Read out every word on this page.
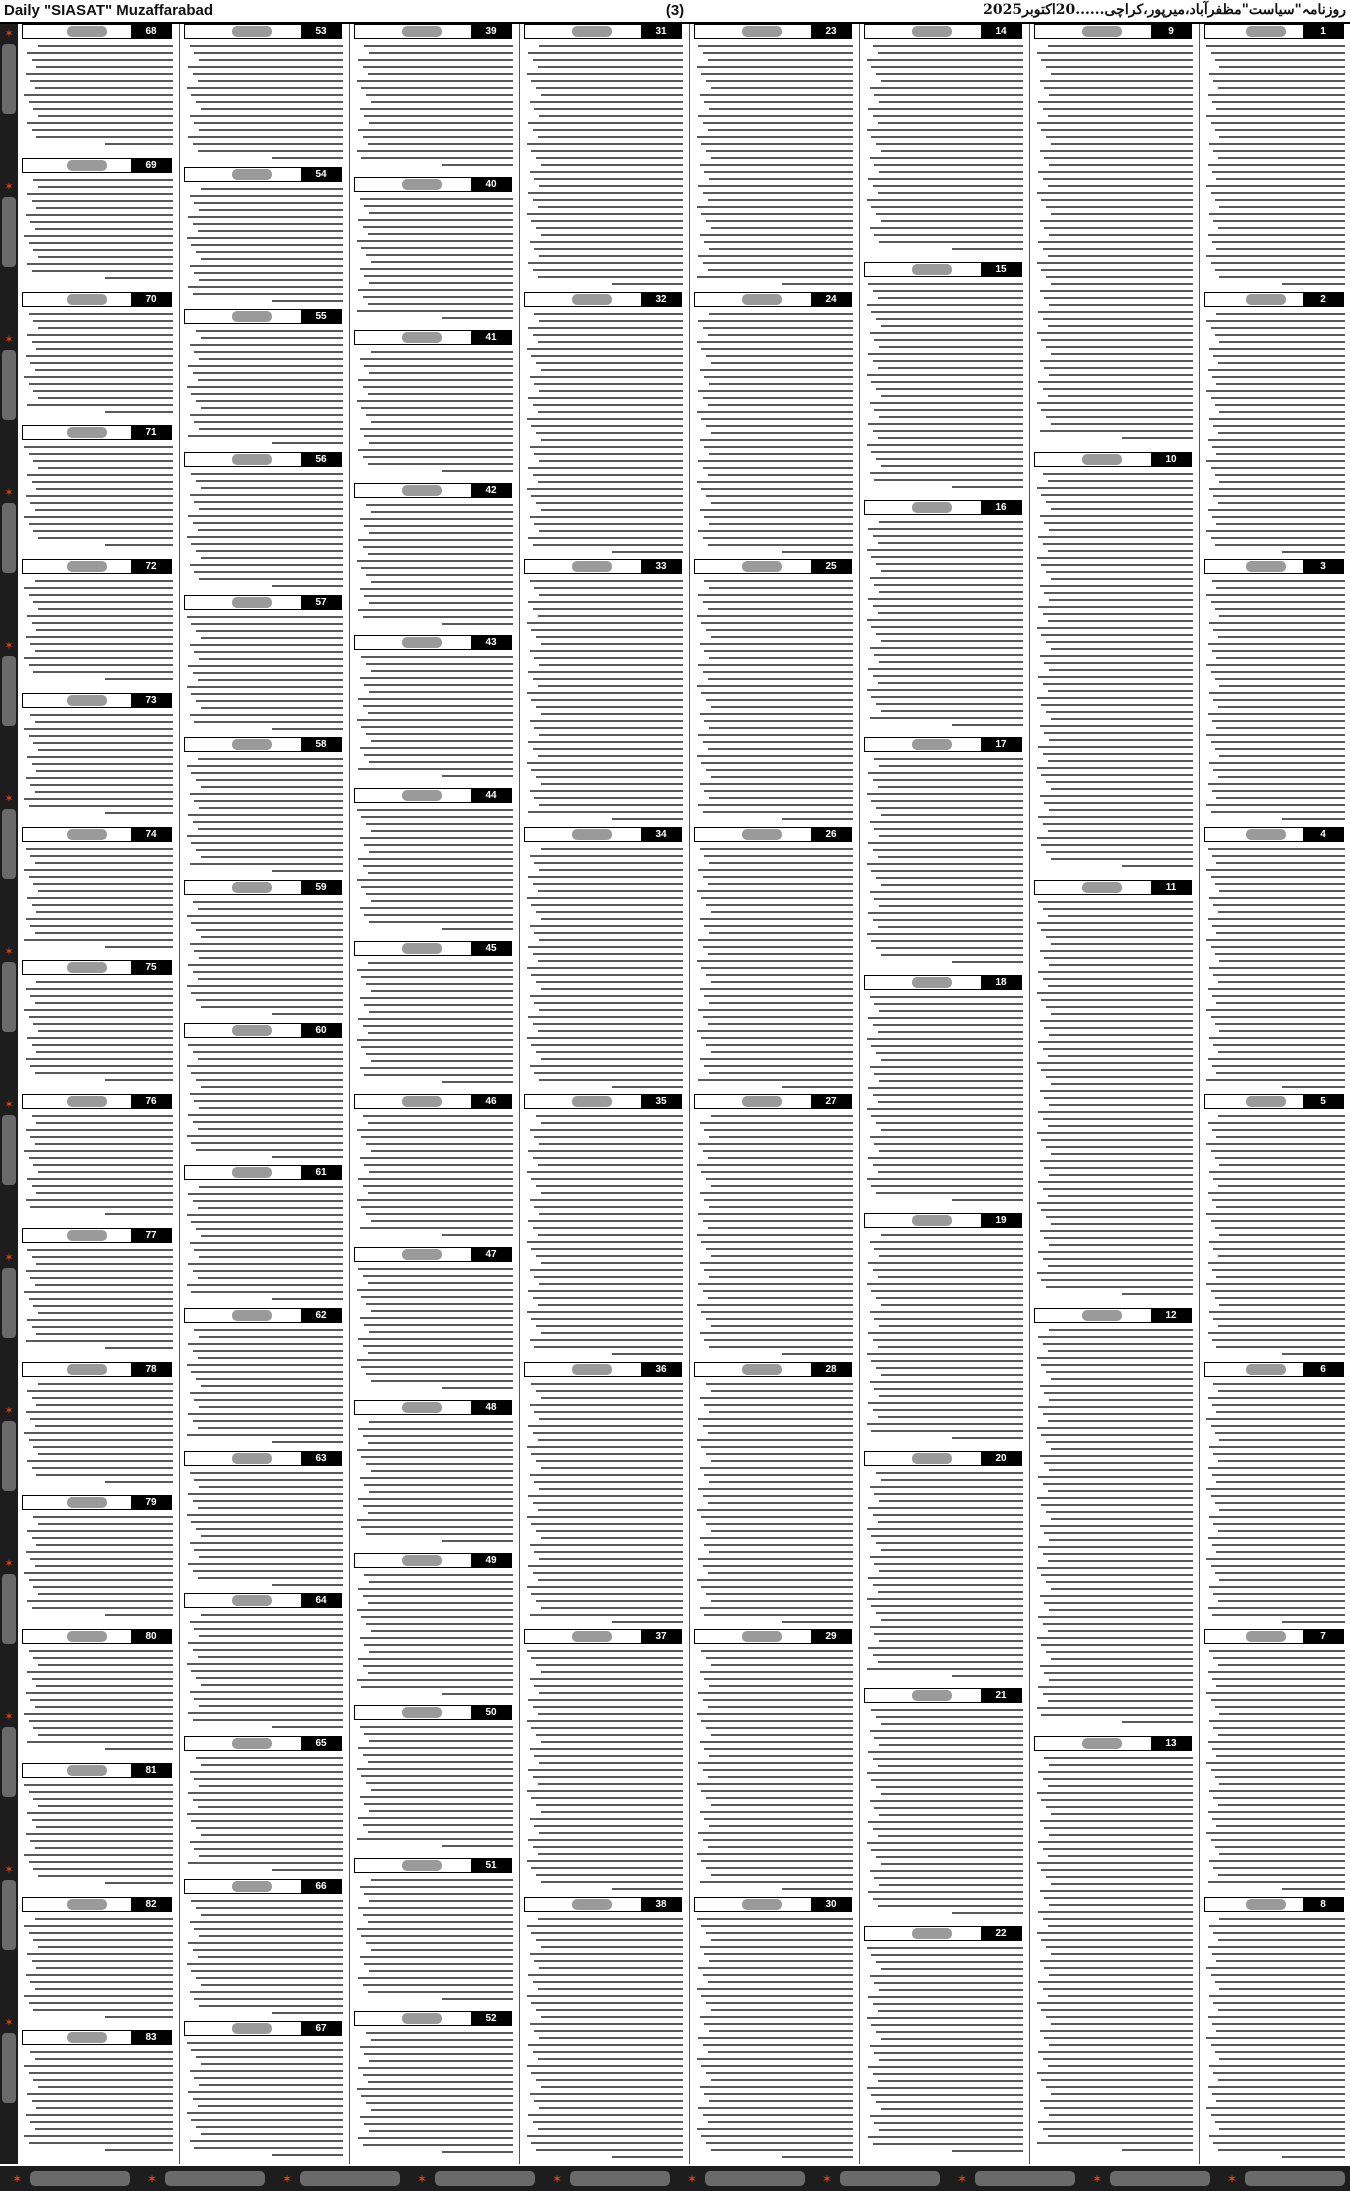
Daily "SIASAT" Muzaffarabad	(3)	روزنامہ"سیاست"مظفرآباد،میرپور،کراچی......20اکتوبر2025
✶
✶
✶
✶
✶
✶
✶
✶
✶
✶
✶
✶
✶
✶
68
69
70
71
72
73
74
75
76
77
78
79
80
81
82
83
53
54
55
56
57
58
59
60
61
62
63
64
65
66
67
39
40
41
42
43
44
45
46
47
48
49
50
51
52
31
32
33
34
35
36
37
38
23
24
25
26
27
28
29
30
14
15
16
17
18
19
20
21
22
9
10
11
12
13
1
2
3
4
5
6
7
8
✶	✶	✶	✶	✶	✶	✶	✶	✶	✶
